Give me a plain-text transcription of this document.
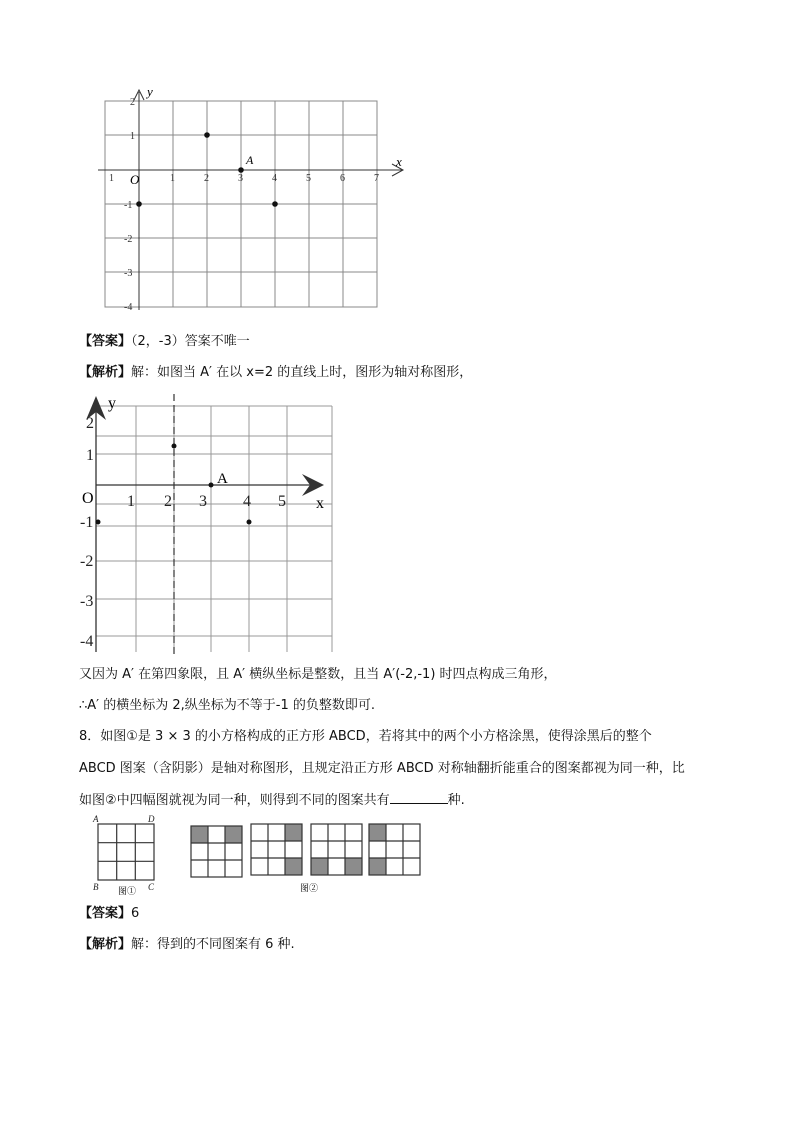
y
x
O
A
1	1	2	3	4	5	6	7
2
1
-1
-2
-3
-4
【答案】（2，-3）答案不唯一
【解析】解：如图当 A′ 在以 x=2 的直线上时，图形为轴对称图形，
y
x
O
A
1 2 3 4 5
2
1
-1
-2
-3
-4
又因为 A′ 在第四象限，且 A′ 横纵坐标是整数，且当 A′(-2,-1) 时四点构成三角形，
∴A′ 的横坐标为 2,纵坐标为不等于-1 的负整数即可.
8．如图①是 3 × 3 的小方格构成的正方形 ABCD，若将其中的两个小方格涂黑，使得涂黑后的整个
ABCD 图案（含阴影）是轴对称图形，且规定沿正方形 ABCD 对称轴翻折能重合的图案都视为同一种，比
如图②中四幅图就视为同一种，则得到不同的图案共有	种.
A	D
B	C
图①	图②
【答案】6
【解析】解：得到的不同图案有 6 种.
